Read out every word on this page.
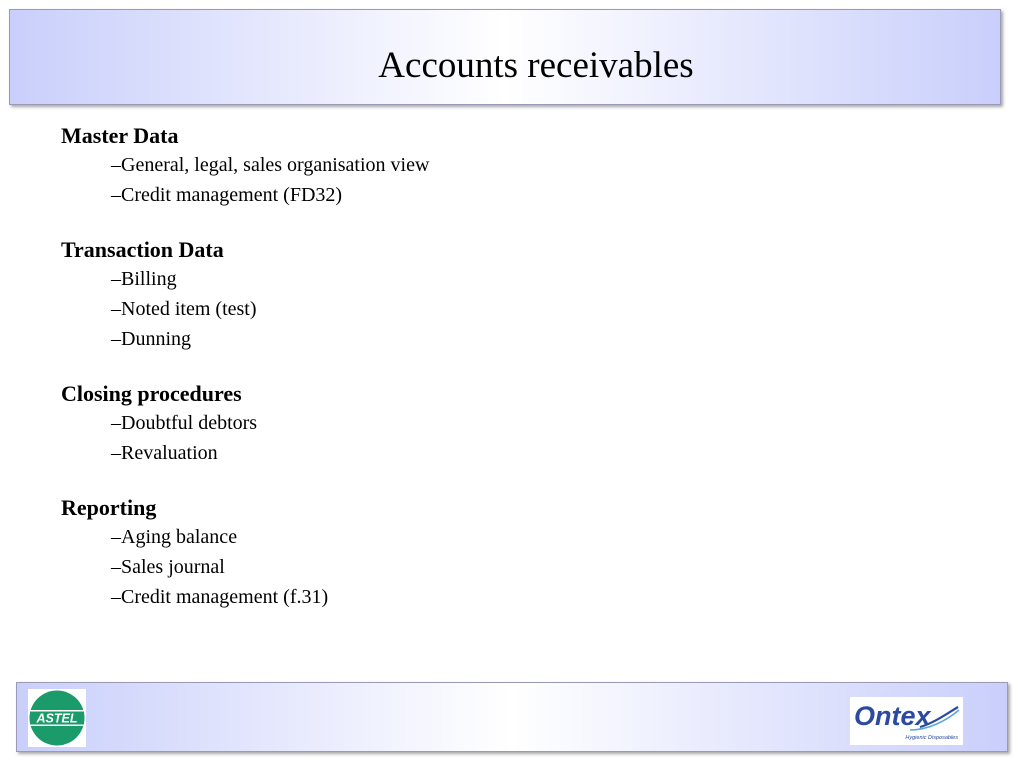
Accounts receivables
Master Data
–General, legal, sales organisation view
–Credit management (FD32)
Transaction Data
–Billing
–Noted item (test)
–Dunning
Closing procedures
–Doubtful debtors
–Revaluation
Reporting
–Aging balance
–Sales journal
–Credit management (f.31)
ASTEL	Ontex
Hygienic Disposables
